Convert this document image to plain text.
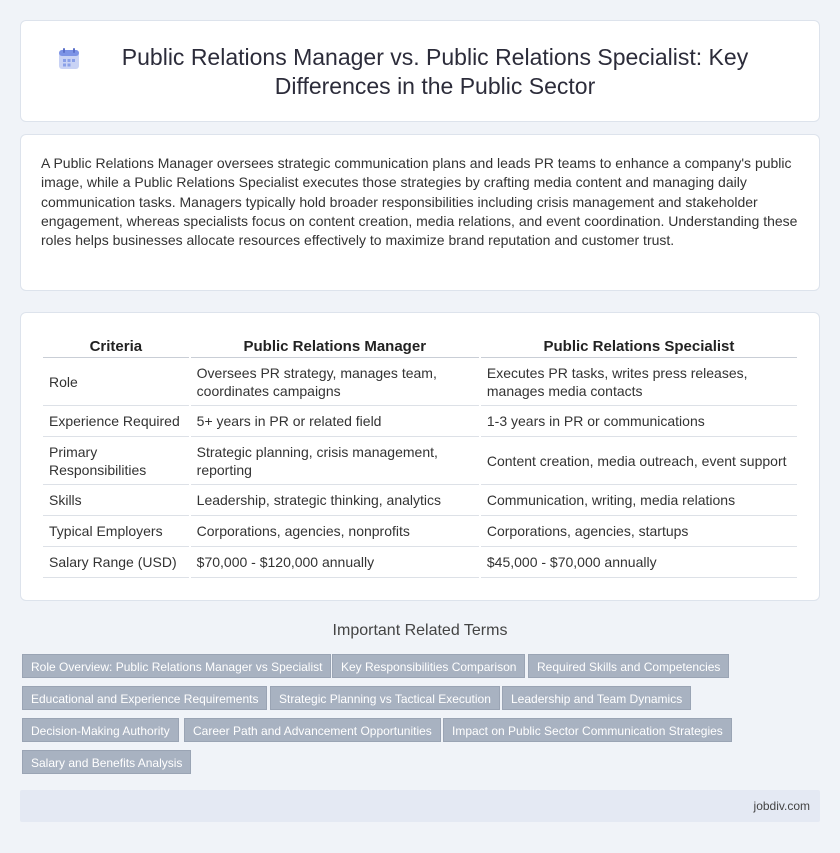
Public Relations Manager vs. Public Relations Specialist: Key Differences in the Public Sector

A Public Relations Manager oversees strategic communication plans and leads PR teams to enhance a company's public image, while a Public Relations Specialist executes those strategies by crafting media content and managing daily communication tasks. Managers typically hold broader responsibilities including crisis management and stakeholder engagement, whereas specialists focus on content creation, media relations, and event coordination. Understanding these roles helps businesses allocate resources effectively to maximize brand reputation and customer trust.

Criteria	Public Relations Manager	Public Relations Specialist
Role	Oversees PR strategy, manages team, coordinates campaigns	Executes PR tasks, writes press releases, manages media contacts
Experience Required	5+ years in PR or related field	1-3 years in PR or communications
Primary Responsibilities	Strategic planning, crisis management, reporting	Content creation, media outreach, event support
Skills	Leadership, strategic thinking, analytics	Communication, writing, media relations
Typical Employers	Corporations, agencies, nonprofits	Corporations, agencies, startups
Salary Range (USD)	$70,000 - $120,000 annually	$45,000 - $70,000 annually
Important Related Terms
Role Overview: Public Relations Manager vs Specialist	Key Responsibilities Comparison	Required Skills and Competencies
Educational and Experience Requirements	Strategic Planning vs Tactical Execution	Leadership and Team Dynamics
Decision-Making Authority	Career Path and Advancement Opportunities	Impact on Public Sector Communication Strategies
Salary and Benefits Analysis
jobdiv.com
